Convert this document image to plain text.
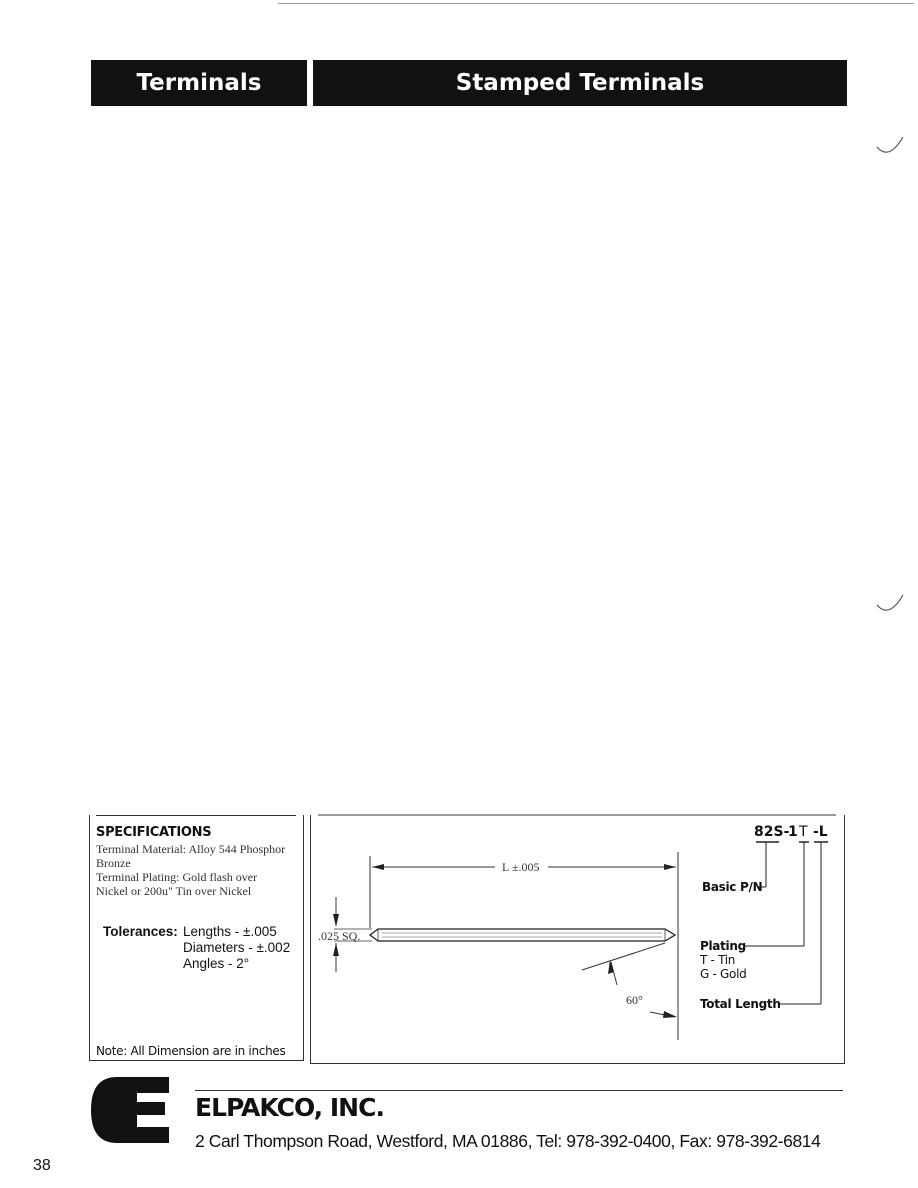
Terminals	Stamped Terminals
SPECIFICATIONS
Terminal Material: Alloy 544 Phosphor
Bronze
Terminal Plating: Gold flash over
Nickel or 200u" Tin over Nickel
Tolerances: Lengths - ±.005
Diameters - ±.002
Angles - 2°
Note: All Dimension are in inches
L ±.005
.025 SQ.
60°
82S-
1 T -L
Basic P/N
Plating
T - Tin
G - Gold
Total Length
ELPAKCO, INC.
2 Carl Thompson Road, Westford, MA 01886, Tel: 978-392-0400, Fax: 978-392-6814
38
